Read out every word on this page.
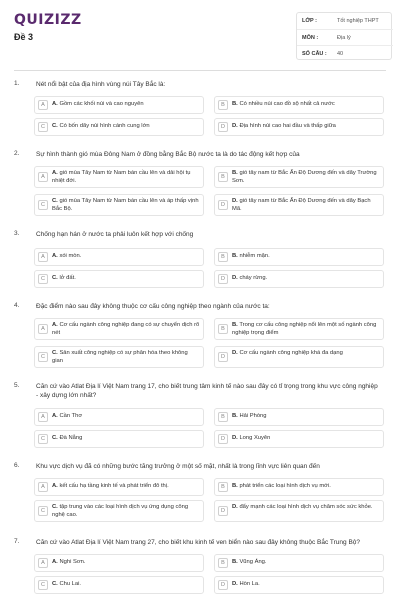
QUIZIZZ
Đề 3
LỚP :	Tốt nghiệp THPT
MÔN :	Địa lý
SỐ CÂU :	40
1.	Nét nổi bật của địa hình vùng núi Tây Bắc là:
A	A. Gồm các khối núi và cao nguyên	B	B. Có nhiều núi cao đồ sộ nhất cả nước
C	C. Có bốn dãy núi hình cánh cung lớn	D	D. Địa hình núi cao hai đầu và thấp giữa
2.	Sự hình thành gió mùa Đông Nam ở đồng bằng Bắc Bộ nước ta là do tác động kết hợp của
A
A. gió mùa Tây Nam từ Nam bán cầu lên và dải hội tụ nhiệt đới.
B
B. gió tây nam từ Bắc Ấn Độ Dương đến và dãy Trường Sơn.
C
C. gió mùa Tây Nam từ Nam bán cầu lên và áp thấp vịnh Bắc Bộ.
D
D. gió tây nam từ Bắc Ấn Độ Dương đến và dãy Bạch Mã.
3.	Chống hạn hán ở nước ta phải luôn kết hợp với chống
A	A. xói mòn.	B	B. nhiễm mặn.
C	C. lở đất.	D	D. cháy rừng.
4.	Đặc điểm nào sau đây không thuộc cơ cấu công nghiệp theo ngành của nước ta:
A
A. Cơ cấu ngành công nghiệp đang có sự chuyển dịch rõ nét
B
B. Trong cơ cấu công nghiệp nổi lên một số ngành công nghiệp trọng điểm
C
C. Sản xuất công nghiệp có sự phân hóa theo không gian
D
D. Cơ cấu ngành công nghiệp khá đa dạng
5.	Căn cứ vào Atlat Địa lí Việt Nam trang 17, cho biết trung tâm kinh tế nào sau đây có tỉ trọng trong khu vực công nghiệp - xây dựng lớn nhất?
A	A. Cần Thơ	B	B. Hải Phòng
C	C. Đà Nẵng	D	D. Long Xuyên
6.	Khu vực dịch vụ đã có những bước tăng trưởng ở một số mặt, nhất là trong lĩnh vực liên quan đến
A	A. kết cấu hạ tầng kinh tế và phát triển đô thị.	B	B. phát triển các loại hình dịch vụ mới.
C
C. tập trung vào các loại hình dịch vụ ứng dụng công nghệ cao.
D
D. đẩy mạnh các loại hình dịch vụ chăm sóc sức khỏe.
7.	Căn cứ vào Atlat Địa lí Việt Nam trang 27, cho biết khu kinh tế ven biển nào sau đây không thuộc Bắc Trung Bộ?
A	A. Nghi Sơn.	B	B. Vũng Áng.
C	C. Chu Lai.	D	D. Hòn La.
